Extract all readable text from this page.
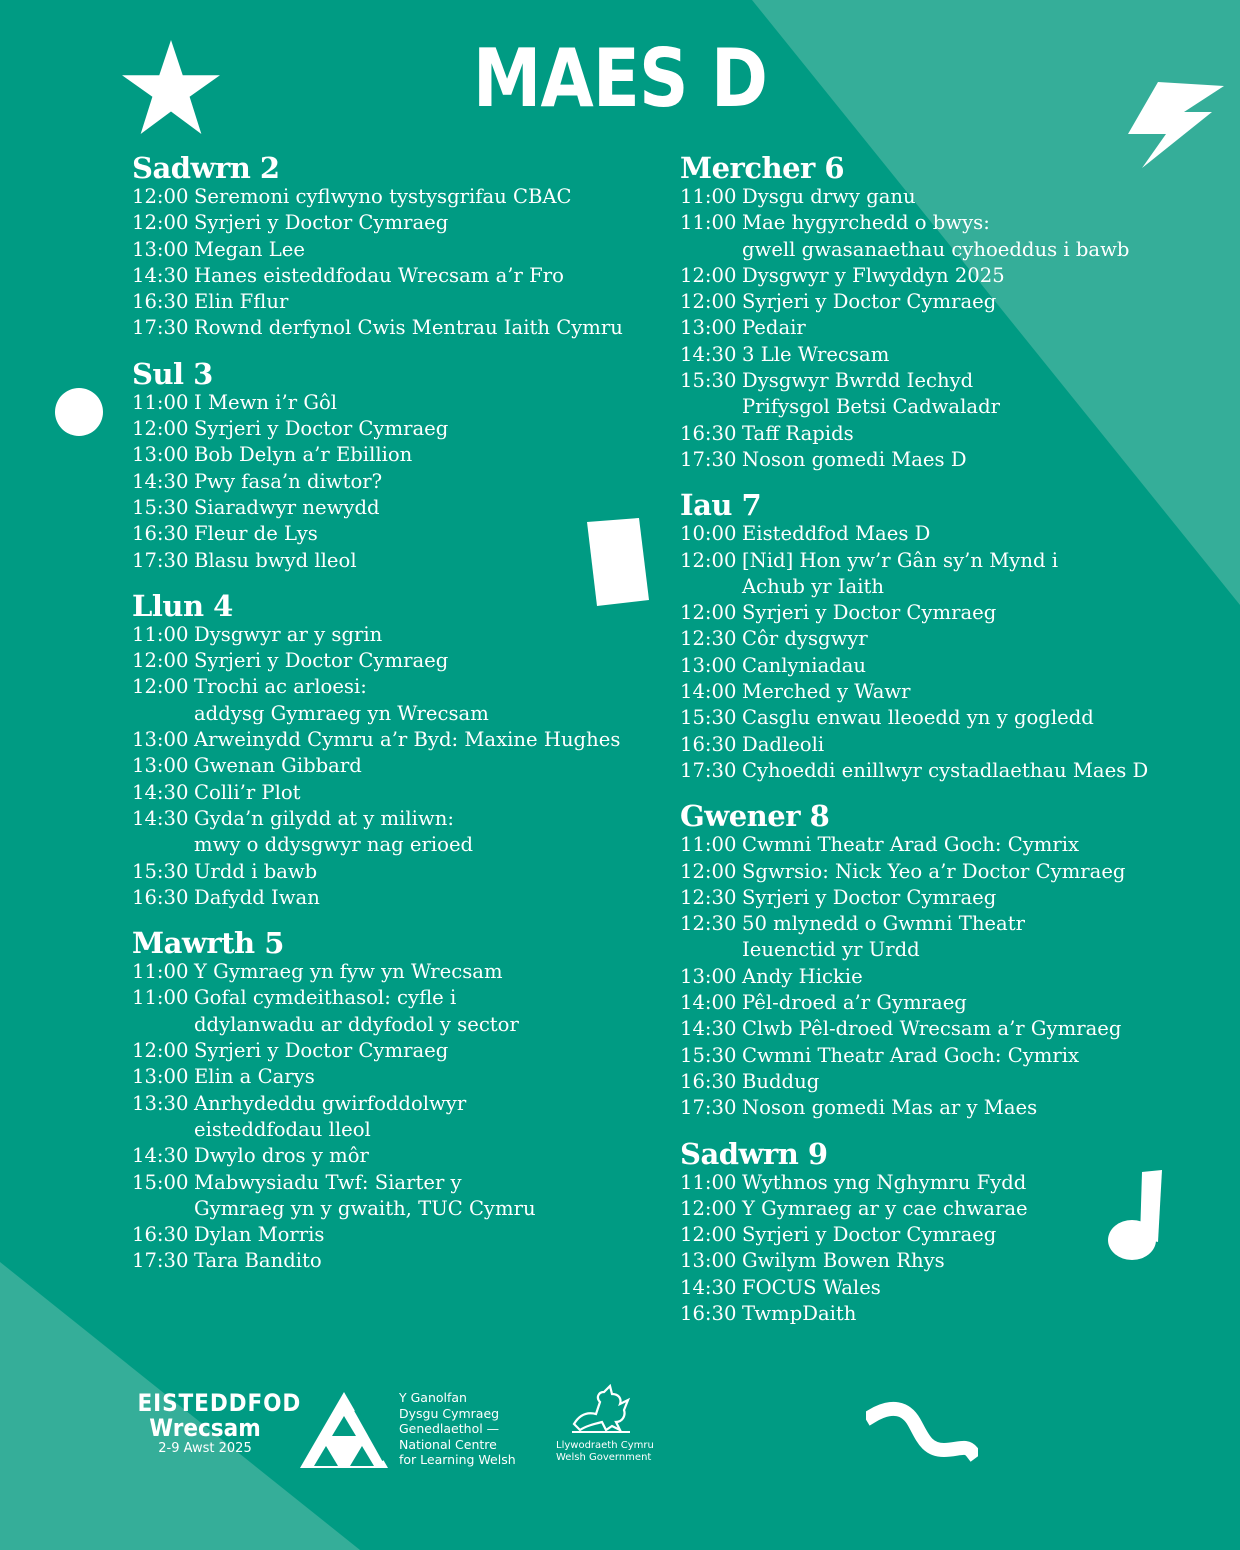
MAES D
Sadwrn 2
12:00 Seremoni cyflwyno tystysgrifau CBAC
12:00 Syrjeri y Doctor Cymraeg
13:00 Megan Lee
14:30 Hanes eisteddfodau Wrecsam a’r Fro
16:30 Elin Fflur
17:30 Rownd derfynol Cwis Mentrau Iaith Cymru
Sul 3
11:00 I Mewn i’r Gôl
12:00 Syrjeri y Doctor Cymraeg
13:00 Bob Delyn a’r Ebillion
14:30 Pwy fasa’n diwtor?
15:30 Siaradwyr newydd
16:30 Fleur de Lys
17:30 Blasu bwyd lleol
Llun 4
11:00 Dysgwyr ar y sgrin
12:00 Syrjeri y Doctor Cymraeg
12:00 Trochi ac arloesi:
addysg Gymraeg yn Wrecsam
13:00 Arweinydd Cymru a’r Byd: Maxine Hughes
13:00 Gwenan Gibbard
14:30 Colli’r Plot
14:30 Gyda’n gilydd at y miliwn:
mwy o ddysgwyr nag erioed
15:30 Urdd i bawb
16:30 Dafydd Iwan
Mawrth 5
11:00 Y Gymraeg yn fyw yn Wrecsam
11:00 Gofal cymdeithasol: cyfle i
ddylanwadu ar ddyfodol y sector
12:00 Syrjeri y Doctor Cymraeg
13:00 Elin a Carys
13:30 Anrhydeddu gwirfoddolwyr
eisteddfodau lleol
14:30 Dwylo dros y môr
15:00 Mabwysiadu Twf: Siarter y
Gymraeg yn y gwaith, TUC Cymru
16:30 Dylan Morris
17:30 Tara Bandito
Mercher 6
11:00 Dysgu drwy ganu
11:00 Mae hygyrchedd o bwys:
gwell gwasanaethau cyhoeddus i bawb
12:00 Dysgwyr y Flwyddyn 2025
12:00 Syrjeri y Doctor Cymraeg
13:00 Pedair
14:30 3 Lle Wrecsam
15:30 Dysgwyr Bwrdd Iechyd
Prifysgol Betsi Cadwaladr
16:30 Taff Rapids
17:30 Noson gomedi Maes D
Iau 7
10:00 Eisteddfod Maes D
12:00 [Nid] Hon yw’r Gân sy’n Mynd i
Achub yr Iaith
12:00 Syrjeri y Doctor Cymraeg
12:30 Côr dysgwyr
13:00 Canlyniadau
14:00 Merched y Wawr
15:30 Casglu enwau lleoedd yn y gogledd
16:30 Dadleoli
17:30 Cyhoeddi enillwyr cystadlaethau Maes D
Gwener 8
11:00 Cwmni Theatr Arad Goch: Cymrix
12:00 Sgwrsio: Nick Yeo a’r Doctor Cymraeg
12:30 Syrjeri y Doctor Cymraeg
12:30 50 mlynedd o Gwmni Theatr
Ieuenctid yr Urdd
13:00 Andy Hickie
14:00 Pêl-droed a’r Gymraeg
14:30 Clwb Pêl-droed Wrecsam a’r Gymraeg
15:30 Cwmni Theatr Arad Goch: Cymrix
16:30 Buddug
17:30 Noson gomedi Mas ar y Maes
Sadwrn 9
11:00 Wythnos yng Nghymru Fydd
12:00 Y Gymraeg ar y cae chwarae
12:00 Syrjeri y Doctor Cymraeg
13:00 Gwilym Bowen Rhys
14:30 FOCUS Wales
16:30 TwmpDaith
EISTEDDFOD
Wrecsam
2-9 Awst 2025
Y Ganolfan
Dysgu Cymraeg
Genedlaethol —
National Centre
for Learning Welsh
Llywodraeth Cymru
Welsh Government
